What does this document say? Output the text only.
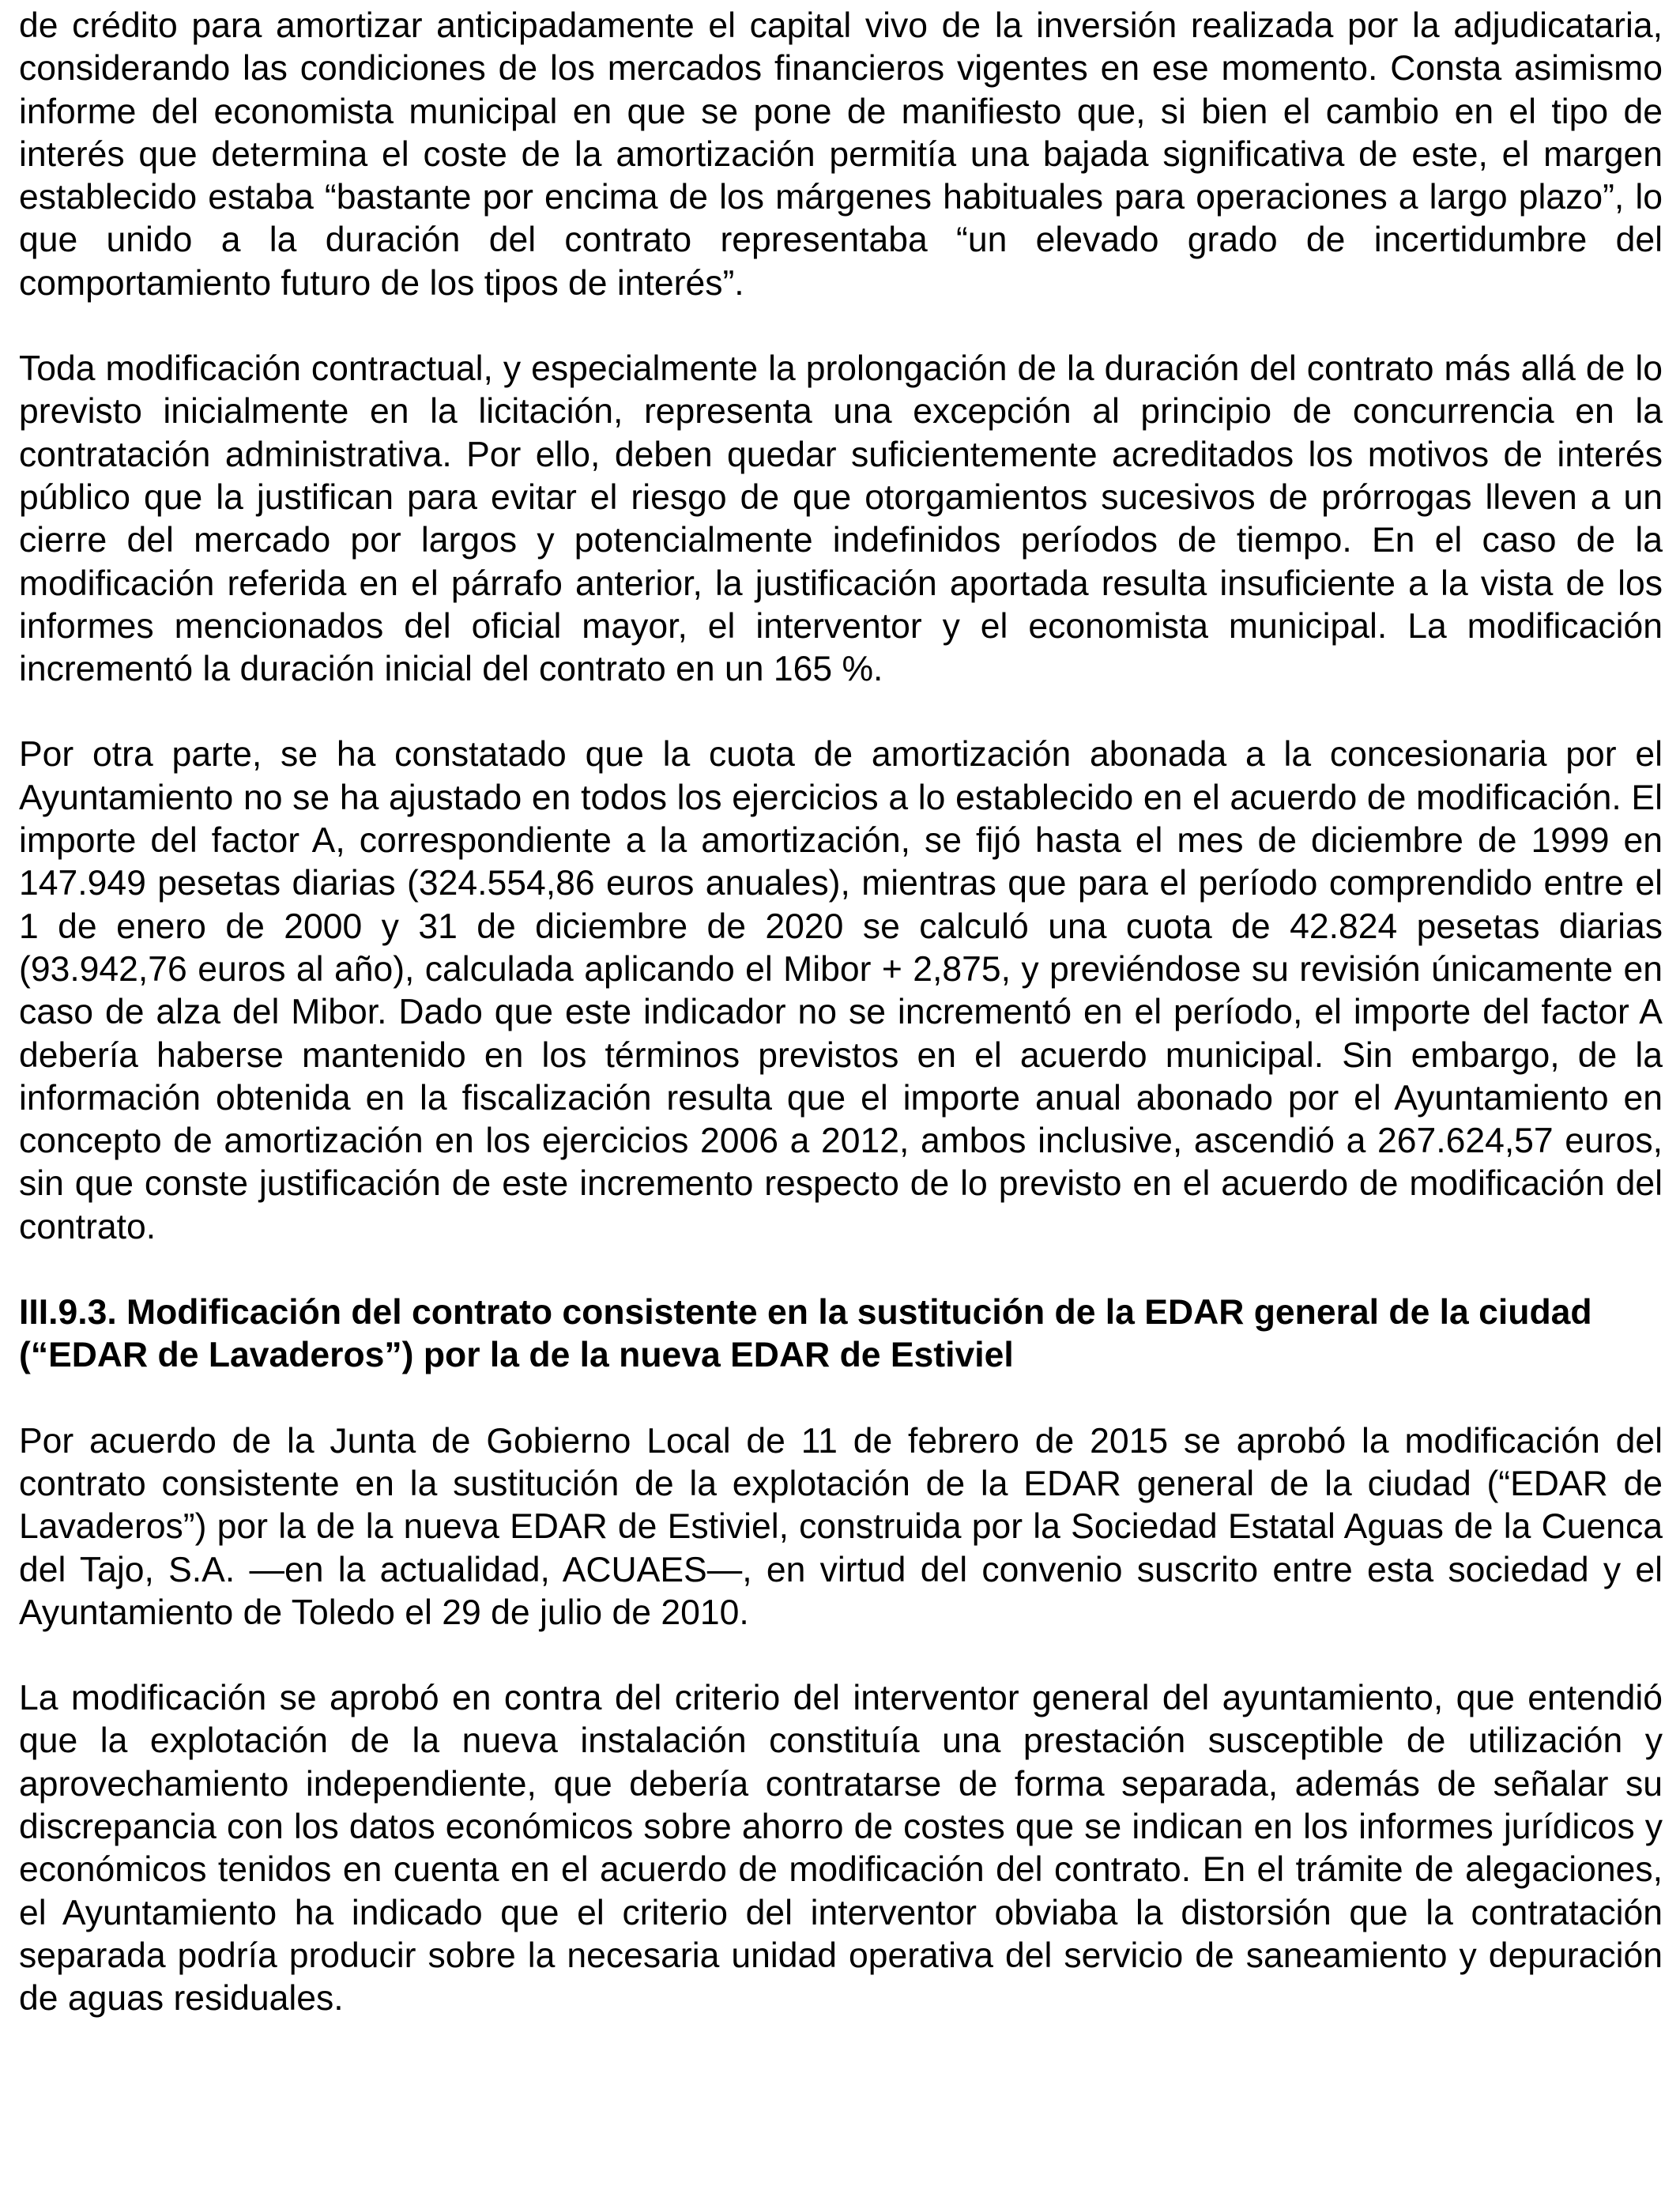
de crédito para amortizar anticipadamente el capital vivo de la inversión realizada por la adjudicataria, considerando las condiciones de los mercados financieros vigentes en ese momento. Consta asimismo informe del economista municipal en que se pone de manifiesto que, si bien el cambio en el tipo de interés que determina el coste de la amortización permitía una bajada significativa de este, el margen establecido estaba “bastante por encima de los márgenes habituales para operaciones a largo plazo”, lo que unido a la duración del contrato representaba “un elevado grado de incertidumbre del comportamiento futuro de los tipos de interés”.

Toda modificación contractual, y especialmente la prolongación de la duración del contrato más allá de lo previsto inicialmente en la licitación, representa una excepción al principio de concurrencia en la contratación administrativa. Por ello, deben quedar suficientemente acreditados los motivos de interés público que la justifican para evitar el riesgo de que otorgamientos sucesivos de prórrogas lleven a un cierre del mercado por largos y potencialmente indefinidos períodos de tiempo. En el caso de la modificación referida en el párrafo anterior, la justificación aportada resulta insuficiente a la vista de los informes mencionados del oficial mayor, el interventor y el economista municipal. La modificación incrementó la duración inicial del contrato en un 165 %.

Por otra parte, se ha constatado que la cuota de amortización abonada a la concesionaria por el Ayuntamiento no se ha ajustado en todos los ejercicios a lo establecido en el acuerdo de modificación. El importe del factor A, correspondiente a la amortización, se fijó hasta el mes de diciembre de 1999 en 147.949 pesetas diarias (324.554,86 euros anuales), mientras que para el período comprendido entre el 1 de enero de 2000 y 31 de diciembre de 2020 se calculó una cuota de 42.824 pesetas diarias (93.942,76 euros al año), calculada aplicando el Mibor + 2,875, y previéndose su revisión únicamente en caso de alza del Mibor. Dado que este indicador no se incrementó en el período, el importe del factor A debería haberse mantenido en los términos previstos en el acuerdo municipal. Sin embargo, de la información obtenida en la fiscalización resulta que el importe anual abonado por el Ayuntamiento en concepto de amortización en los ejercicios 2006 a 2012, ambos inclusive, ascendió a 267.624,57 euros, sin que conste justificación de este incremento respecto de lo previsto en el acuerdo de modificación del contrato.

III.9.3. Modificación del contrato consistente en la sustitución de la EDAR general de la ciudad (“EDAR de Lavaderos”) por la de la nueva EDAR de Estiviel

Por acuerdo de la Junta de Gobierno Local de 11 de febrero de 2015 se aprobó la modificación del contrato consistente en la sustitución de la explotación de la EDAR general de la ciudad (“EDAR de Lavaderos”) por la de la nueva EDAR de Estiviel, construida por la Sociedad Estatal Aguas de la Cuenca del Tajo, S.A. —en la actualidad, ACUAES—, en virtud del convenio suscrito entre esta sociedad y el Ayuntamiento de Toledo el 29 de julio de 2010.

La modificación se aprobó en contra del criterio del interventor general del ayuntamiento, que entendió que la explotación de la nueva instalación constituía una prestación susceptible de utilización y aprovechamiento independiente, que debería contratarse de forma separada, además de señalar su discrepancia con los datos económicos sobre ahorro de costes que se indican en los informes jurídicos y económicos tenidos en cuenta en el acuerdo de modificación del contrato. En el trámite de alegaciones, el Ayuntamiento ha indicado que el criterio del interventor obviaba la distorsión que la contratación separada podría producir sobre la necesaria unidad operativa del servicio de saneamiento y depuración de aguas residuales.
